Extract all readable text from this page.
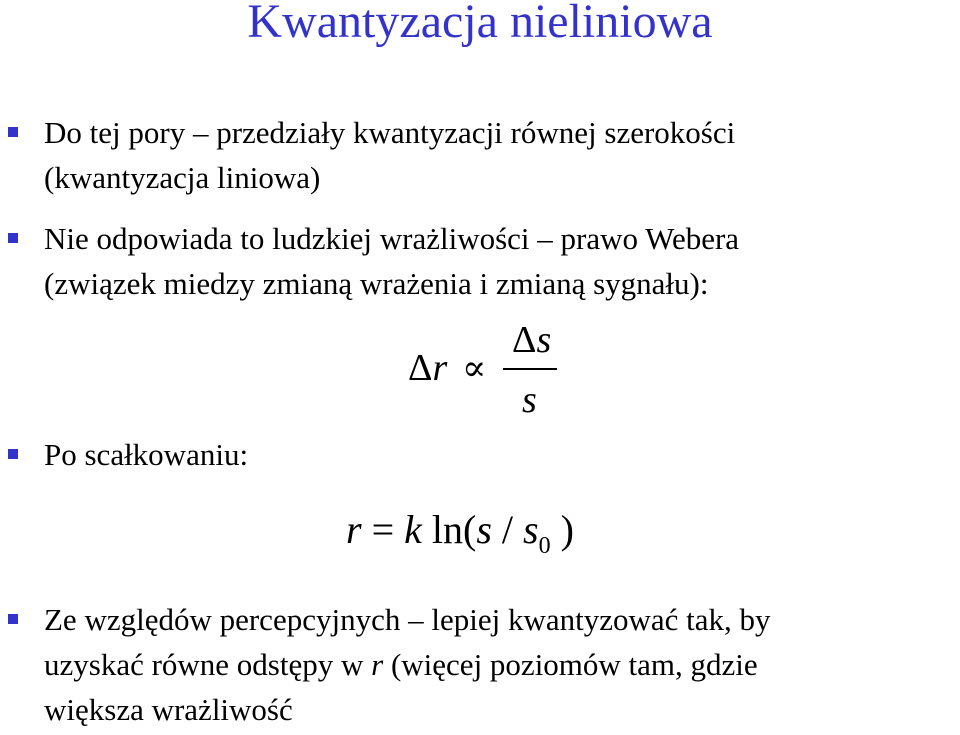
Kwantyzacja nieliniowa
Do tej pory – przedziały kwantyzacji równej szerokości
(kwantyzacja liniowa)
Nie odpowiada to ludzkiej wrażliwości – prawo Webera
(związek miedzy zmianą wrażenia i zmianą sygnału):
Δr ∝
Δs
s
Po scałkowaniu:
r = k $\ln(s / s_0$ )
Ze względów percepcyjnych – lepiej kwantyzować tak, by
uzyskać równe odstępy w r (więcej poziomów tam, gdzie
większa wrażliwość
